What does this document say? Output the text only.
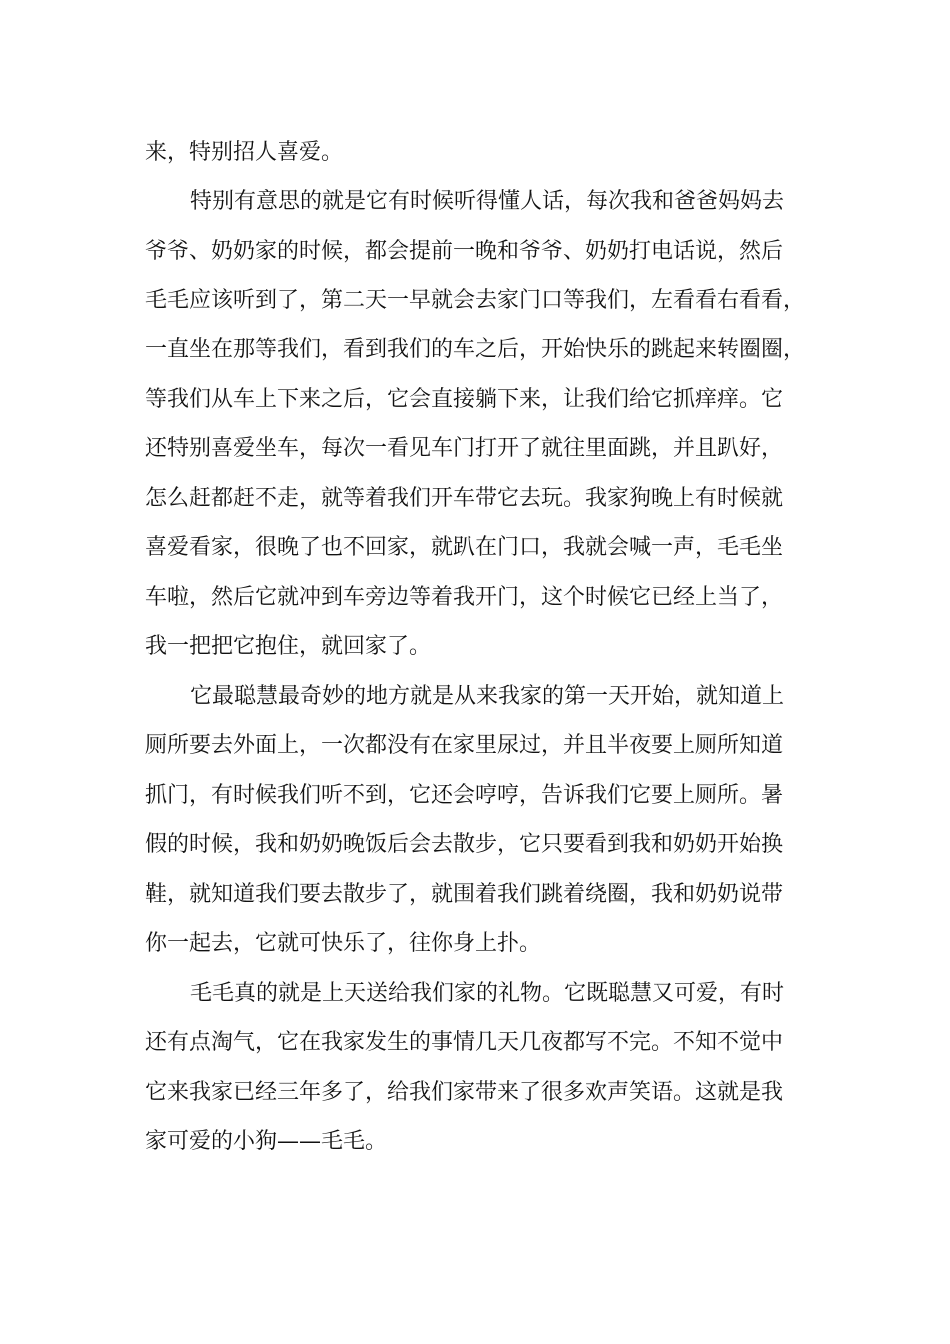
来，特别招人喜爱。

特别有意思的就是它有时候听得懂人话，每次我和爸爸妈妈去

爷爷、奶奶家的时候，都会提前一晚和爷爷、奶奶打电话说，然后

毛毛应该听到了，第二天一早就会去家门口等我们，左看看右看看，

一直坐在那等我们，看到我们的车之后，开始快乐的跳起来转圈圈，

等我们从车上下来之后，它会直接躺下来，让我们给它抓痒痒。它

还特别喜爱坐车，每次一看见车门打开了就往里面跳，并且趴好，

怎么赶都赶不走，就等着我们开车带它去玩。我家狗晚上有时候就

喜爱看家，很晚了也不回家，就趴在门口，我就会喊一声，毛毛坐

车啦，然后它就冲到车旁边等着我开门，这个时候它已经上当了，

我一把把它抱住，就回家了。

它最聪慧最奇妙的地方就是从来我家的第一天开始，就知道上

厕所要去外面上，一次都没有在家里尿过，并且半夜要上厕所知道

抓门，有时候我们听不到，它还会哼哼，告诉我们它要上厕所。暑

假的时候，我和奶奶晚饭后会去散步，它只要看到我和奶奶开始换

鞋，就知道我们要去散步了，就围着我们跳着绕圈，我和奶奶说带

你一起去，它就可快乐了，往你身上扑。

毛毛真的就是上天送给我们家的礼物。它既聪慧又可爱，有时

还有点淘气，它在我家发生的事情几天几夜都写不完。不知不觉中

它来我家已经三年多了，给我们家带来了很多欢声笑语。这就是我

家可爱的小狗——毛毛。
